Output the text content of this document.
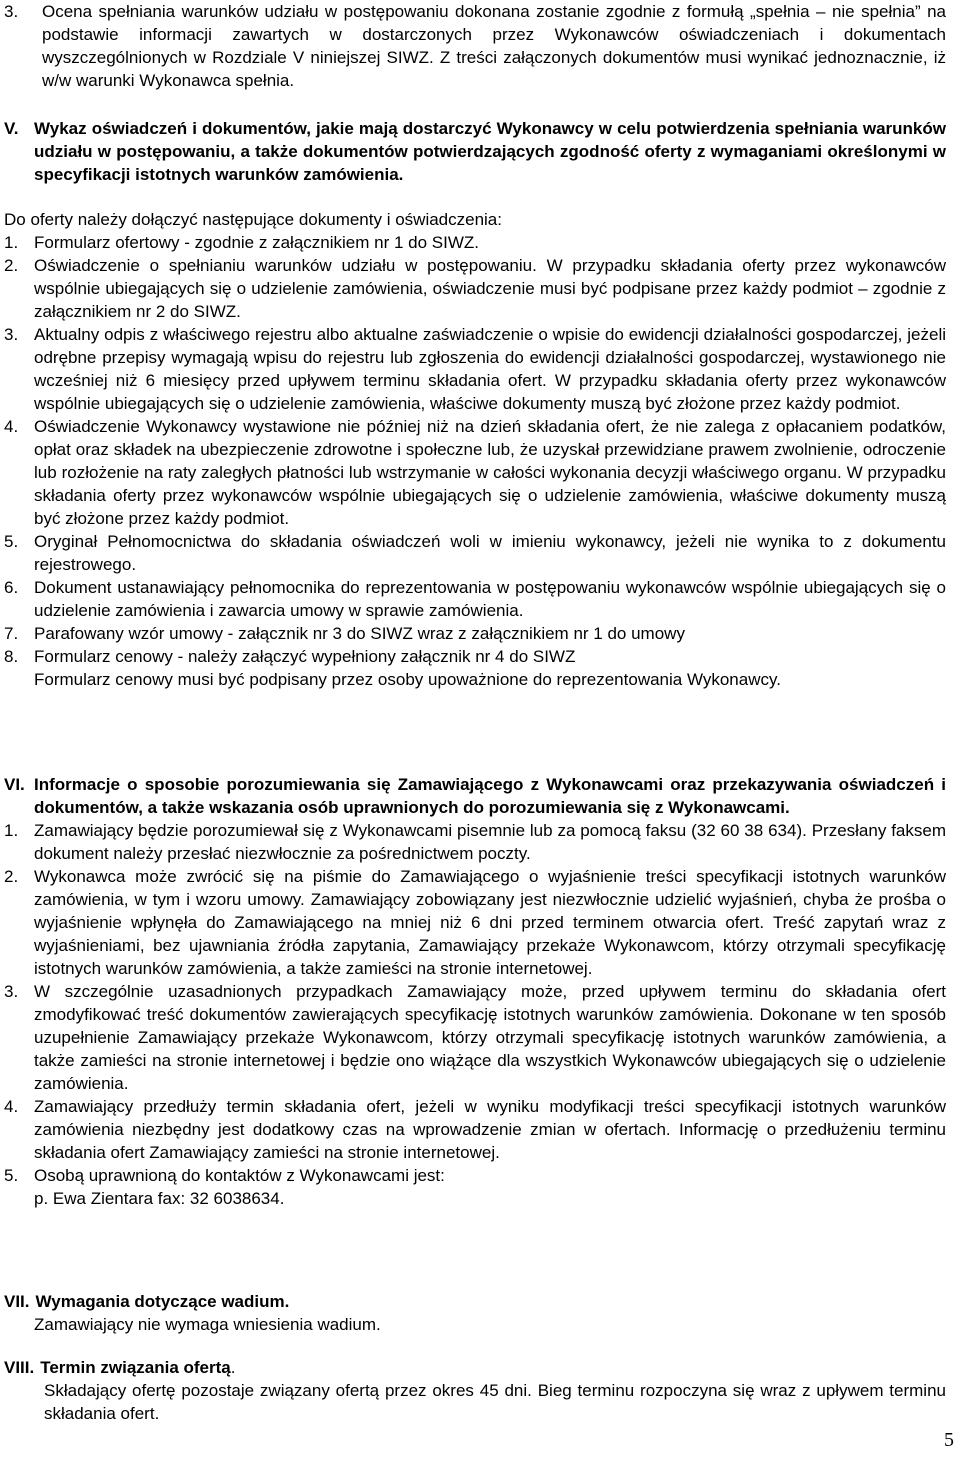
3.	Ocena spełniania warunków udziału w postępowaniu dokonana zostanie zgodnie z formułą „spełnia – nie spełnia” na podstawie informacji zawartych w dostarczonych przez Wykonawców oświadczeniach i dokumentach wyszczególnionych w Rozdziale V niniejszej SIWZ. Z treści załączonych dokumentów musi wynikać jednoznacznie, iż w/w warunki Wykonawca spełnia.
V. Wykaz oświadczeń i dokumentów, jakie mają dostarczyć Wykonawcy w celu potwierdzenia spełniania warunków udziału w postępowaniu, a także dokumentów potwierdzających zgodność oferty z wymaganiami określonymi w specyfikacji istotnych warunków zamówienia.
Do oferty należy dołączyć następujące dokumenty i oświadczenia:
1. Formularz ofertowy - zgodnie z załącznikiem nr 1 do SIWZ.
2. Oświadczenie o spełnianiu warunków udziału w postępowaniu. W przypadku składania oferty przez wykonawców wspólnie ubiegających się o udzielenie zamówienia, oświadczenie musi być podpisane przez każdy podmiot – zgodnie z załącznikiem nr 2 do SIWZ.
3. Aktualny odpis z właściwego rejestru albo aktualne zaświadczenie o wpisie do ewidencji działalności gospodarczej, jeżeli odrębne przepisy wymagają wpisu do rejestru lub zgłoszenia do ewidencji działalności gospodarczej, wystawionego nie wcześniej niż 6 miesięcy przed upływem terminu składania ofert. W przypadku składania oferty przez wykonawców wspólnie ubiegających się o udzielenie zamówienia, właściwe dokumenty muszą być złożone przez każdy podmiot.
4. Oświadczenie Wykonawcy wystawione nie później niż na dzień składania ofert, że nie zalega z opłacaniem podatków, opłat oraz składek na ubezpieczenie zdrowotne i społeczne lub, że uzyskał przewidziane prawem zwolnienie, odroczenie lub rozłożenie na raty zaległych płatności lub wstrzymanie w całości wykonania decyzji właściwego organu. W przypadku składania oferty przez wykonawców wspólnie ubiegających się o udzielenie zamówienia, właściwe dokumenty muszą być złożone przez każdy podmiot.
5. Oryginał Pełnomocnictwa do składania oświadczeń woli w imieniu wykonawcy, jeżeli nie wynika to z dokumentu rejestrowego.
6. Dokument ustanawiający pełnomocnika do reprezentowania w postępowaniu wykonawców wspólnie ubiegających się o udzielenie zamówienia i zawarcia umowy w sprawie zamówienia.
7. Parafowany wzór umowy - załącznik nr 3 do SIWZ wraz z załącznikiem nr 1 do umowy
8. Formularz cenowy - należy załączyć wypełniony załącznik nr 4 do SIWZ
Formularz cenowy musi być podpisany przez osoby upoważnione do reprezentowania Wykonawcy.
VI. Informacje o sposobie porozumiewania się Zamawiającego z Wykonawcami oraz przekazywania oświadczeń i dokumentów, a także wskazania osób uprawnionych do porozumiewania się z Wykonawcami.
1. Zamawiający będzie porozumiewał się z Wykonawcami pisemnie lub za pomocą faksu (32 60 38 634). Przesłany faksem dokument należy przesłać niezwłocznie za pośrednictwem poczty.
2. Wykonawca może zwrócić się na piśmie do Zamawiającego o wyjaśnienie treści specyfikacji istotnych warunków zamówienia, w tym i wzoru umowy. Zamawiający zobowiązany jest niezwłocznie udzielić wyjaśnień, chyba że prośba o wyjaśnienie wpłynęła do Zamawiającego na mniej niż 6 dni przed terminem otwarcia ofert. Treść zapytań wraz z wyjaśnieniami, bez ujawniania źródła zapytania, Zamawiający przekaże Wykonawcom, którzy otrzymali specyfikację istotnych warunków zamówienia, a także zamieści na stronie internetowej.
3. W szczególnie uzasadnionych przypadkach Zamawiający może, przed upływem terminu do składania ofert zmodyfikować treść dokumentów zawierających specyfikację istotnych warunków zamówienia. Dokonane w ten sposób uzupełnienie Zamawiający przekaże Wykonawcom, którzy otrzymali specyfikację istotnych warunków zamówienia, a także zamieści na stronie internetowej i będzie ono wiążące dla wszystkich Wykonawców ubiegających się o udzielenie zamówienia.
4. Zamawiający przedłuży termin składania ofert, jeżeli w wyniku modyfikacji treści specyfikacji istotnych warunków zamówienia niezbędny jest dodatkowy czas na wprowadzenie zmian w ofertach. Informację o przedłużeniu terminu składania ofert Zamawiający zamieści na stronie internetowej.
5. Osobą uprawnioną do kontaktów z Wykonawcami jest:
p. Ewa Zientara fax: 32 6038634.
VII. Wymagania dotyczące wadium.
Zamawiający nie wymaga wniesienia wadium.
VIII. Termin związania ofertą .
Składający ofertę pozostaje związany ofertą przez okres 45 dni. Bieg terminu rozpoczyna się wraz z upływem terminu składania ofert.
5
